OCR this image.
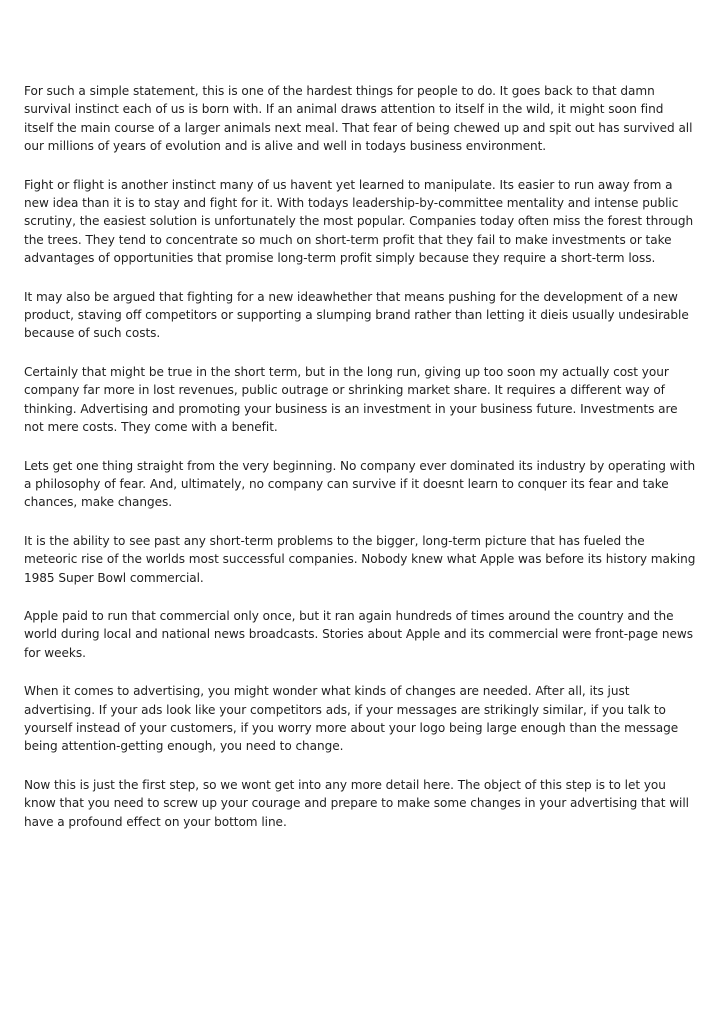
For such a simple statement, this is one of the hardest things for people to do. It goes back to that damn survival instinct each of us is born with. If an animal draws attention to itself in the wild, it might soon find itself the main course of a larger animals next meal. That fear of being chewed up and spit out has survived all our millions of years of evolution and is alive and well in todays business environment.

Fight or flight is another instinct many of us havent yet learned to manipulate. Its easier to run away from a new idea than it is to stay and fight for it. With todays leadership-by-committee mentality and intense public scrutiny, the easiest solution is unfortunately the most popular. Companies today often miss the forest through the trees. They tend to concentrate so much on short-term profit that they fail to make investments or take advantages of opportunities that promise long-term profit simply because they require a short-term loss.

It may also be argued that fighting for a new ideawhether that means pushing for the development of a new product, staving off competitors or supporting a slumping brand rather than letting it dieis usually undesirable because of such costs.

Certainly that might be true in the short term, but in the long run, giving up too soon my actually cost your company far more in lost revenues, public outrage or shrinking market share. It requires a different way of thinking. Advertising and promoting your business is an investment in your business future. Investments are not mere costs. They come with a benefit.

Lets get one thing straight from the very beginning. No company ever dominated its industry by operating with a philosophy of fear. And, ultimately, no company can survive if it doesnt learn to conquer its fear and take chances, make changes.

It is the ability to see past any short-term problems to the bigger, long-term picture that has fueled the meteoric rise of the worlds most successful companies. Nobody knew what Apple was before its history making 1985 Super Bowl commercial.

Apple paid to run that commercial only once, but it ran again hundreds of times around the country and the world during local and national news broadcasts. Stories about Apple and its commercial were front-page news for weeks.

When it comes to advertising, you might wonder what kinds of changes are needed. After all, its just advertising. If your ads look like your competitors ads, if your messages are strikingly similar, if you talk to yourself instead of your customers, if you worry more about your logo being large enough than the message being attention-getting enough, you need to change.

Now this is just the first step, so we wont get into any more detail here. The object of this step is to let you know that you need to screw up your courage and prepare to make some changes in your advertising that will have a profound effect on your bottom line.
